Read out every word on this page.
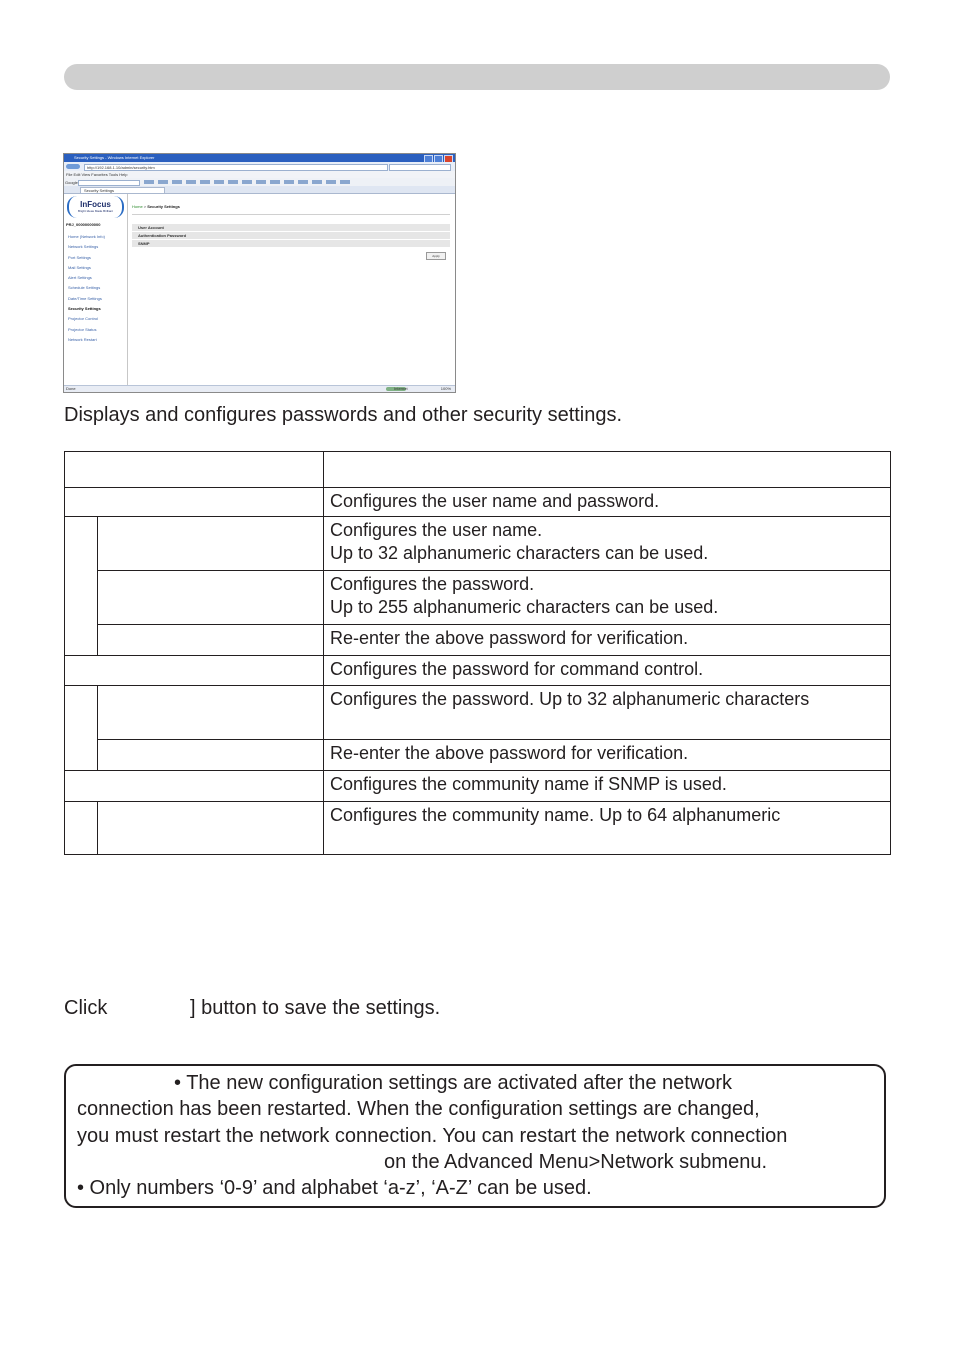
Security Settings - Windows Internet Explorer
http://192.168.1.10/admin/security.htm
File Edit View Favorites Tools Help
Google
Security Settings
InFocus
Bright Ideas Made Brilliant
PRJ_00000000000
Home (Network Info)
Network Settings
Port Settings
Mail Settings
Alert Settings
Schedule Settings
Date/Time Settings
Security Settings
Projector Control
Projector Status
Network Restart
Home > Security Settings
User Account
Authentication Password
SNMP
Apply
Done	Internet	100%

Displays and configures passwords and other security settings.

		Configures the user name and password.

		Configures the user name.
Up to 32 alphanumeric characters can be used.

		Configures the password.
Up to 255 alphanumeric characters can be used.

		Re-enter the above password for verification.
		Configures the password for command control.
		Configures the password. Up to 32 alphanumeric characters
		Re-enter the above password for verification.
		Configures the community name if SNMP is used.
		Configures the community name. Up to 64 alphanumeric
Click	] button to save the settings.
• The new configuration settings are activated after the network
connection has been restarted. When the configuration settings are changed,
you must restart the network connection. You can restart the network connection
on the Advanced Menu>Network submenu.
• Only numbers ‘0-9’ and alphabet ‘a-z’, ‘A-Z’ can be used.
